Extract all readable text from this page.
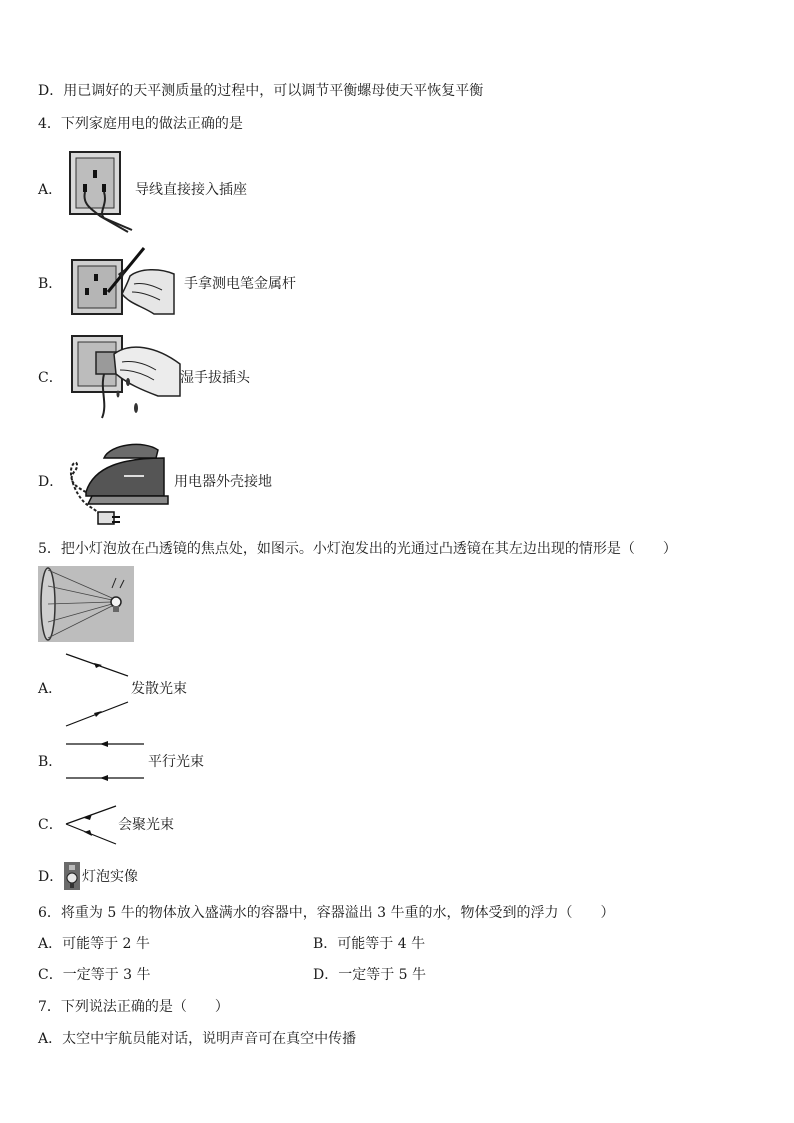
D．用已调好的天平测质量的过程中，可以调节平衡螺母使天平恢复平衡
4．下列家庭用电的做法正确的是
A．	导线直接接入插座
B．	手拿测电笔金属杆
C．	湿手拔插头
D．	用电器外壳接地
5．把小灯泡放在凸透镜的焦点处，如图示。小灯泡发出的光通过凸透镜在其左边出现的情形是（　　）
A．	发散光束
B．	平行光束
C．	会聚光束
D． 灯泡实像
6．将重为 5 牛的物体放入盛满水的容器中，容器溢出 3 牛重的水，物体受到的浮力（　　）
A．可能等于 2 牛	B．可能等于 4 牛
C．一定等于 3 牛	D．一定等于 5 牛
7．下列说法正确的是（　　）
A．太空中宇航员能对话，说明声音可在真空中传播
